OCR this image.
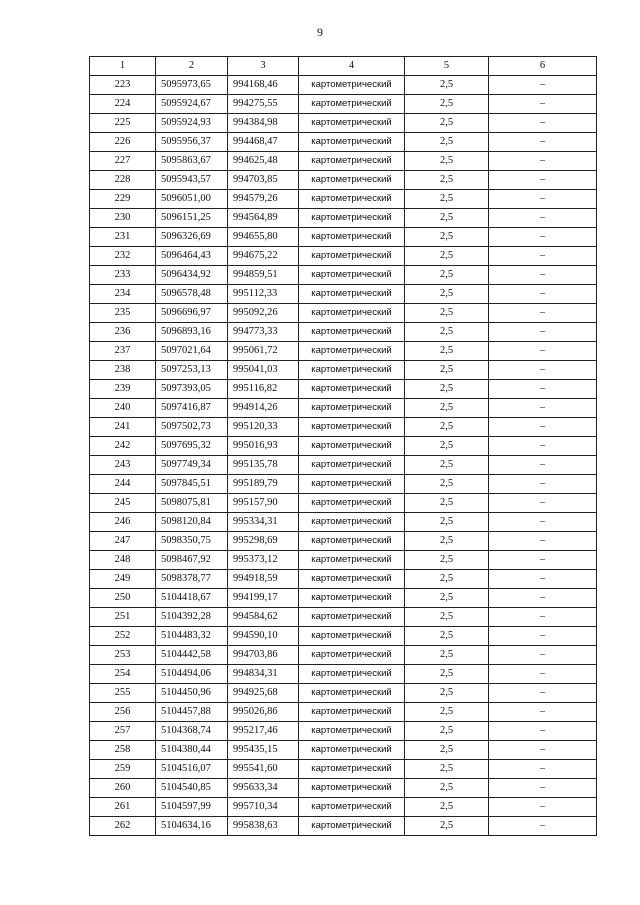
9
1	2	3	4	5	6
223	5095973,65	994168,46	картометрический	2,5	–
224	5095924,67	994275,55	картометрический	2,5	–
225	5095924,93	994384,98	картометрический	2,5	–
226	5095956,37	994468,47	картометрический	2,5	–
227	5095863,67	994625,48	картометрический	2,5	–
228	5095943,57	994703,85	картометрический	2,5	–
229	5096051,00	994579,26	картометрический	2,5	–
230	5096151,25	994564,89	картометрический	2,5	–
231	5096326,69	994655,80	картометрический	2,5	–
232	5096464,43	994675,22	картометрический	2,5	–
233	5096434,92	994859,51	картометрический	2,5	–
234	5096578,48	995112,33	картометрический	2,5	–
235	5096696,97	995092,26	картометрический	2,5	–
236	5096893,16	994773,33	картометрический	2,5	–
237	5097021,64	995061,72	картометрический	2,5	–
238	5097253,13	995041,03	картометрический	2,5	–
239	5097393,05	995116,82	картометрический	2,5	–
240	5097416,87	994914,26	картометрический	2,5	–
241	5097502,73	995120,33	картометрический	2,5	–
242	5097695,32	995016,93	картометрический	2,5	–
243	5097749,34	995135,78	картометрический	2,5	–
244	5097845,51	995189,79	картометрический	2,5	–
245	5098075,81	995157,90	картометрический	2,5	–
246	5098120,84	995334,31	картометрический	2,5	–
247	5098350,75	995298,69	картометрический	2,5	–
248	5098467,92	995373,12	картометрический	2,5	–
249	5098378,77	994918,59	картометрический	2,5	–
250	5104418,67	994199,17	картометрический	2,5	–
251	5104392,28	994584,62	картометрический	2,5	–
252	5104483,32	994590,10	картометрический	2,5	–
253	5104442,58	994703,86	картометрический	2,5	–
254	5104494,06	994834,31	картометрический	2,5	–
255	5104450,96	994925,68	картометрический	2,5	–
256	5104457,88	995026,86	картометрический	2,5	–
257	5104368,74	995217,46	картометрический	2,5	–
258	5104380,44	995435,15	картометрический	2,5	–
259	5104516,07	995541,60	картометрический	2,5	–
260	5104540,85	995633,34	картометрический	2,5	–
261	5104597,99	995710,34	картометрический	2,5	–
262	5104634,16	995838,63	картометрический	2,5	–
